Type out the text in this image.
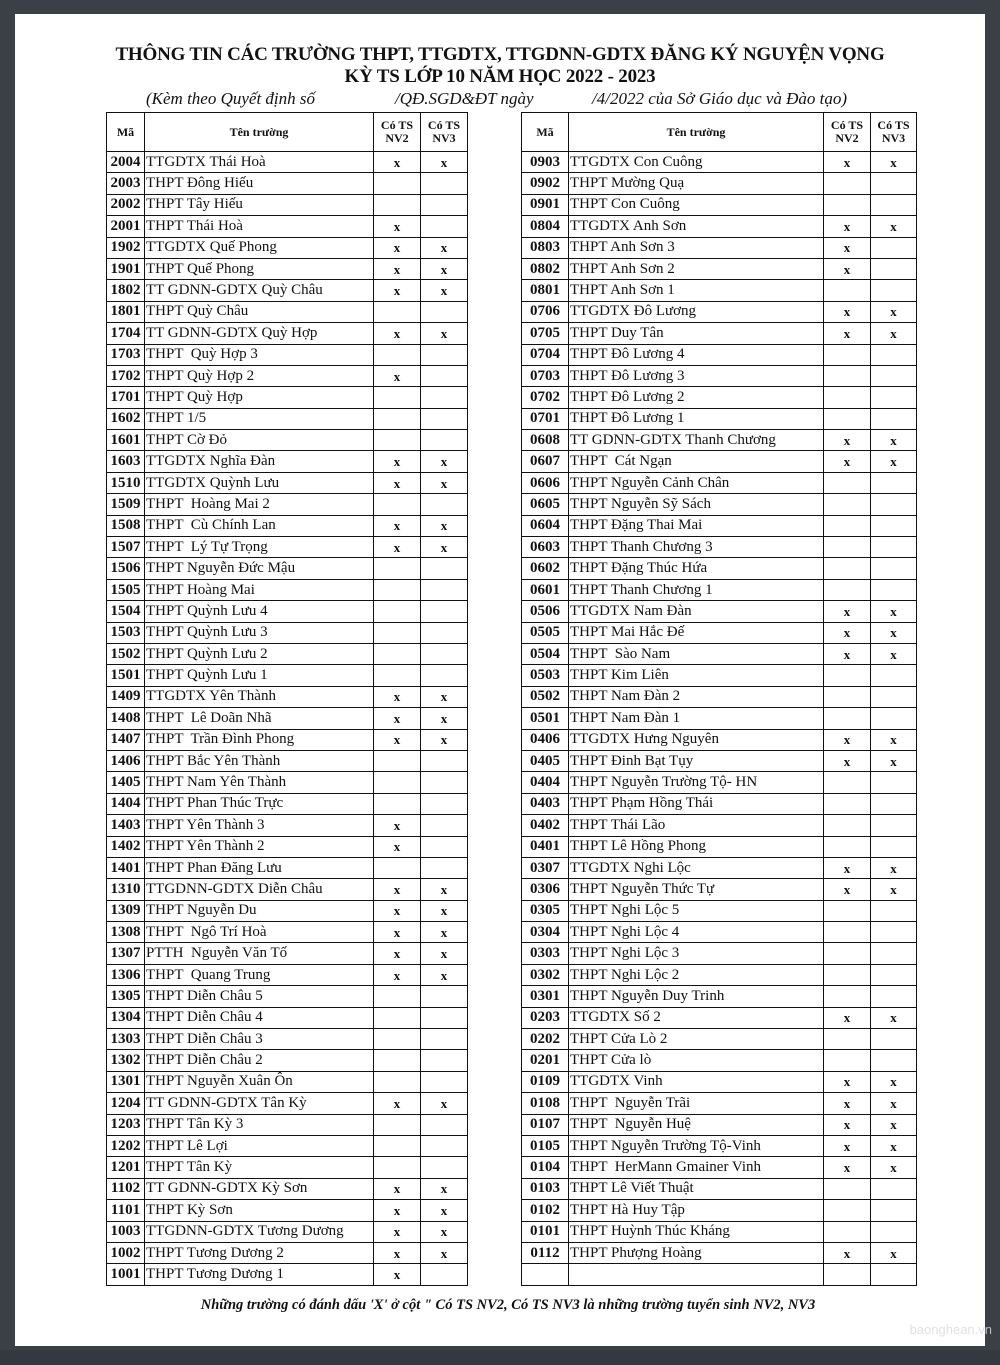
THÔNG TIN CÁC TRƯỜNG THPT, TTGDTX, TTGDNN-GDTX ĐĂNG KÝ NGUYỆN VỌNG
KỲ TS LỚP 10 NĂM HỌC 2022 - 2023
(Kèm theo Quyết định số	/QĐ.SGD&ĐT ngày	/4/2022 của Sở Giáo dục và Đào tạo)
Mã	Tên trường	Có TS NV2	Có TS NV3
2004	TTGDTX Thái Hoà	x	x
2003	THPT Đông Hiếu		
2002	THPT Tây Hiếu		
2001	THPT Thái Hoà	x	
1902	TTGDTX Quế Phong	x	x
1901	THPT Quế Phong	x	x
1802	TT GDNN-GDTX Quỳ Châu	x	x
1801	THPT Quỳ Châu		
1704	TT GDNN-GDTX Quỳ Hợp	x	x
1703	THPT  Quỳ Hợp 3		
1702	THPT Quỳ Hợp 2	x	
1701	THPT Quỳ Hợp		
1602	THPT 1/5		
1601	THPT Cờ Đỏ		
1603	TTGDTX Nghĩa Đàn	x	x
1510	TTGDTX Quỳnh Lưu	x	x
1509	THPT  Hoàng Mai 2		
1508	THPT  Cù Chính Lan	x	x
1507	THPT  Lý Tự Trọng	x	x
1506	THPT Nguyễn Đức Mậu		
1505	THPT Hoàng Mai		
1504	THPT Quỳnh Lưu 4		
1503	THPT Quỳnh Lưu 3		
1502	THPT Quỳnh Lưu 2		
1501	THPT Quỳnh Lưu 1		
1409	TTGDTX Yên Thành	x	x
1408	THPT  Lê Doãn Nhã	x	x
1407	THPT  Trần Đình Phong	x	x
1406	THPT Bắc Yên Thành		
1405	THPT Nam Yên Thành		
1404	THPT Phan Thúc Trực		
1403	THPT Yên Thành 3	x	
1402	THPT Yên Thành 2	x	
1401	THPT Phan Đăng Lưu		
1310	TTGDNN-GDTX Diễn Châu	x	x
1309	THPT Nguyễn Du	x	x
1308	THPT  Ngô Trí Hoà	x	x
1307	PTTH  Nguyễn Văn Tố	x	x
1306	THPT  Quang Trung	x	x
1305	THPT Diễn Châu 5		
1304	THPT Diễn Châu 4		
1303	THPT Diễn Châu 3		
1302	THPT Diễn Châu 2		
1301	THPT Nguyễn Xuân Ôn		
1204	TT GDNN-GDTX Tân Kỳ	x	x
1203	THPT Tân Kỳ 3		
1202	THPT Lê Lợi		
1201	THPT Tân Kỳ		
1102	TT GDNN-GDTX Kỳ Sơn	x	x
1101	THPT Kỳ Sơn	x	x
1003	TTGDNN-GDTX Tương Dương	x	x
1002	THPT Tương Dương 2	x	x
1001	THPT Tương Dương 1	x	
Mã	Tên trường	Có TS NV2	Có TS NV3
0903	TTGDTX Con Cuông	x	x
0902	THPT Mường Quạ		
0901	THPT Con Cuông		
0804	TTGDTX Anh Sơn	x	x
0803	THPT Anh Sơn 3	x	
0802	THPT Anh Sơn 2	x	
0801	THPT Anh Sơn 1		
0706	TTGDTX Đô Lương	x	x
0705	THPT Duy Tân	x	x
0704	THPT Đô Lương 4		
0703	THPT Đô Lương 3		
0702	THPT Đô Lương 2		
0701	THPT Đô Lương 1		
0608	TT GDNN-GDTX Thanh Chương	x	x
0607	THPT  Cát Ngạn	x	x
0606	THPT Nguyễn Cảnh Chân		
0605	THPT Nguyễn Sỹ Sách		
0604	THPT Đặng Thai Mai		
0603	THPT Thanh Chương 3		
0602	THPT Đặng Thúc Hứa		
0601	THPT Thanh Chương 1		
0506	TTGDTX Nam Đàn	x	x
0505	THPT Mai Hắc Đế	x	x
0504	THPT  Sào Nam	x	x
0503	THPT Kim Liên		
0502	THPT Nam Đàn 2		
0501	THPT Nam Đàn 1		
0406	TTGDTX Hưng Nguyên	x	x
0405	THPT Đinh Bạt Tụy	x	x
0404	THPT Nguyễn Trường Tộ- HN		
0403	THPT Phạm Hồng Thái		
0402	THPT Thái Lão		
0401	THPT Lê Hồng Phong		
0307	TTGDTX Nghi Lộc	x	x
0306	THPT Nguyễn Thức Tự	x	x
0305	THPT Nghi Lộc 5		
0304	THPT Nghi Lộc 4		
0303	THPT Nghi Lộc 3		
0302	THPT Nghi Lộc 2		
0301	THPT Nguyễn Duy Trinh		
0203	TTGDTX Số 2	x	x
0202	THPT Cửa Lò 2		
0201	THPT Cửa lò		
0109	TTGDTX Vinh	x	x
0108	THPT  Nguyễn Trãi	x	x
0107	THPT  Nguyễn Huệ	x	x
0105	THPT Nguyễn Trường Tộ-Vinh	x	x
0104	THPT  HerMann Gmainer Vinh	x	x
0103	THPT Lê Viết Thuật		
0102	THPT Hà Huy Tập		
0101	THPT Huỳnh Thúc Kháng		
0112	THPT Phượng Hoàng	x	x

Những trường có đánh dấu 'X' ở cột " Có TS NV2, Có TS NV3 là những trường tuyển sinh NV2, NV3
baonghean.vn
